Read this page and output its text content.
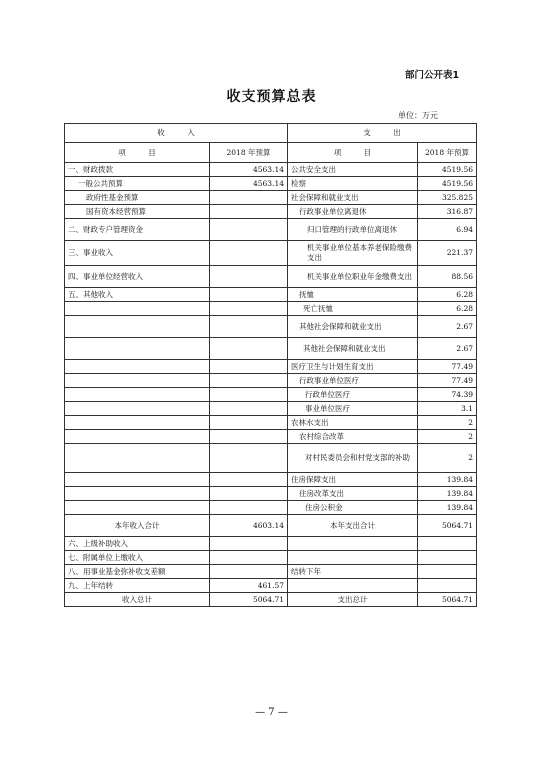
部门公开表1
收支预算总表
单位：万元
收　　　入		支　　　出	
项　　　目	2018 年预算	项　　　目	2018 年预算
一、财政拨款	4563.14	公共安全支出	4519.56
一般公共预算	4563.14	检察	4519.56
政府性基金预算		社会保障和就业支出	325.825
国有资本经营预算		行政事业单位离退休	316.87
二、财政专户管理资金		归口管理的行政单位离退休	6.94
三、事业收入		机关事业单位基本养老保险缴费支出	221.37
四、事业单位经营收入		机关事业单位职业年金缴费支出	88.56
五、其他收入		抚恤	6.28
		死亡抚恤	6.28
		其他社会保障和就业支出	2.67
		其他社会保障和就业支出	2.67
		医疗卫生与计划生育支出	77.49
		行政事业单位医疗	77.49
		行政单位医疗	74.39
		事业单位医疗	3.1
		农林水支出	2
		农村综合改革	2
		对村民委员会和村党支部的补助	2
		住房保障支出	139.84
		住房改革支出	139.84
		住房公积金	139.84
本年收入合计	4603.14	本年支出合计	5064.71
六、上级补助收入			
七、附属单位上缴收入			
八、用事业基金弥补收支差额		结转下年	
九、上年结转	461.57		
收入总计	5064.71	支出总计	5064.71
— 7 —
